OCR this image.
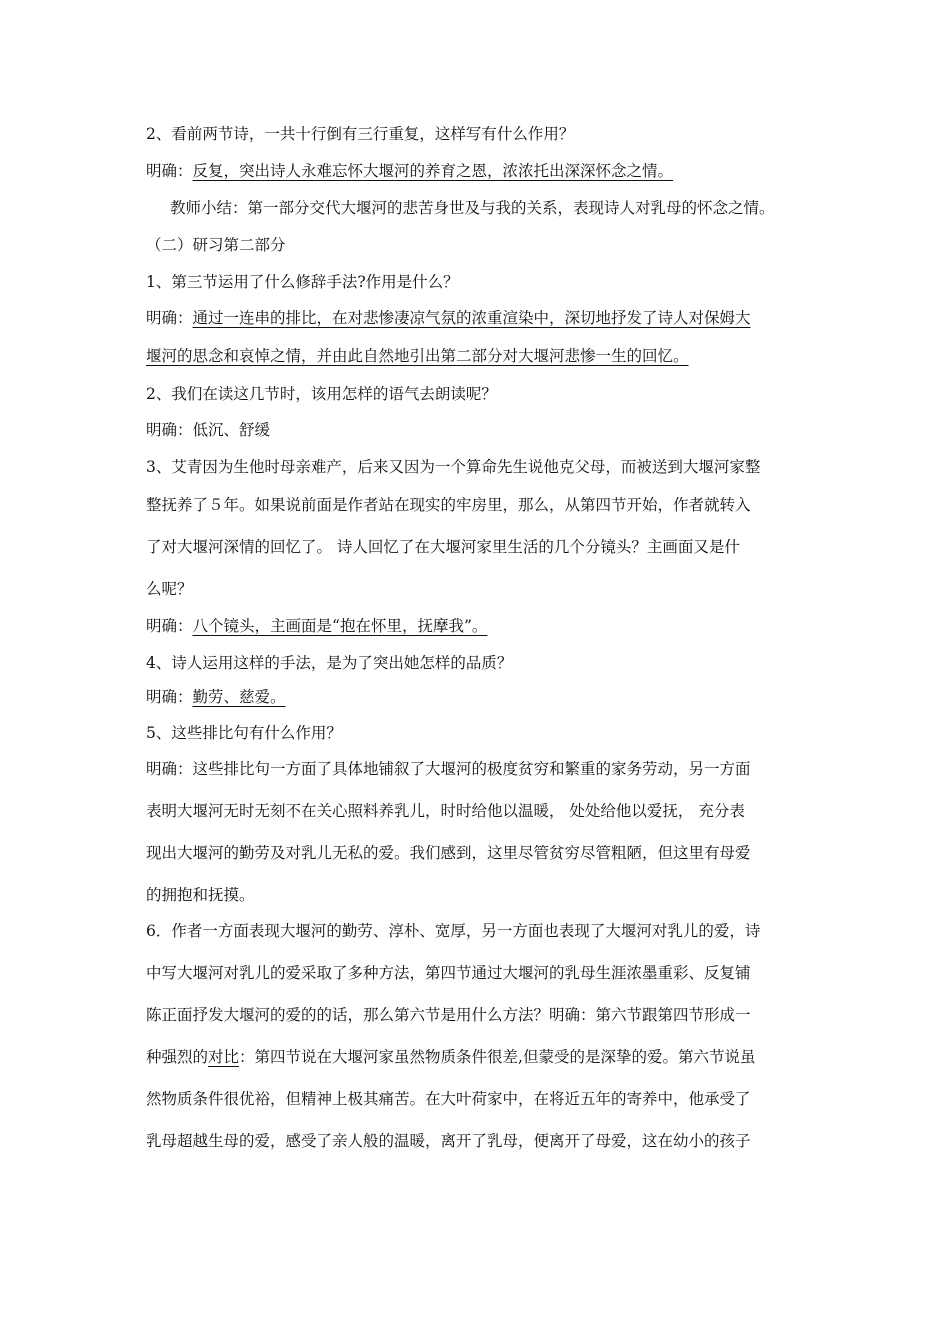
2、看前两节诗，一共十行倒有三行重复，这样写有什么作用？
明确：反复，突出诗人永难忘怀大堰河的养育之恩，浓浓托出深深怀念之情。
教师小结：第一部分交代大堰河的悲苦身世及与我的关系，表现诗人对乳母的怀念之情。
（二）研习第二部分
1、第三节运用了什么修辞手法?作用是什么？
明确：通过一连串的排比，在对悲惨凄凉气氛的浓重渲染中，深切地抒发了诗人对保姆大
堰河的思念和哀悼之情，并由此自然地引出第二部分对大堰河悲惨一生的回忆。
2、我们在读这几节时，该用怎样的语气去朗读呢？
明确：低沉、舒缓
3、艾青因为生他时母亲难产，后来又因为一个算命先生说他克父母，而被送到大堰河家整
整抚养了５年。如果说前面是作者站在现实的牢房里，那么，从第四节开始，作者就转入
了对大堰河深情的回忆了。 诗人回忆了在大堰河家里生活的几个分镜头？主画面又是什
么呢？
明确：八个镜头，主画面是“抱在怀里，抚摩我”。
4、诗人运用这样的手法，是为了突出她怎样的品质？
明确：勤劳、慈爱。
5、这些排比句有什么作用？
明确：这些排比句一方面了具体地铺叙了大堰河的极度贫穷和繁重的家务劳动，另一方面
表明大堰河无时无刻不在关心照料养乳儿，时时给他以温暖， 处处给他以爱抚， 充分表
现出大堰河的勤劳及对乳儿无私的爱。我们感到，这里尽管贫穷尽管粗陋，但这里有母爱
的拥抱和抚摸。
6．作者一方面表现大堰河的勤劳、淳朴、宽厚，另一方面也表现了大堰河对乳儿的爱，诗
中写大堰河对乳儿的爱采取了多种方法，第四节通过大堰河的乳母生涯浓墨重彩、反复铺
陈正面抒发大堰河的爱的的话，那么第六节是用什么方法？明确：第六节跟第四节形成一
种强烈的对比：第四节说在大堰河家虽然物质条件很差,但蒙受的是深挚的爱。第六节说虽
然物质条件很优裕，但精神上极其痛苦。在大叶荷家中，在将近五年的寄养中，他承受了
乳母超越生母的爱，感受了亲人般的温暖，离开了乳母，便离开了母爱，这在幼小的孩子
